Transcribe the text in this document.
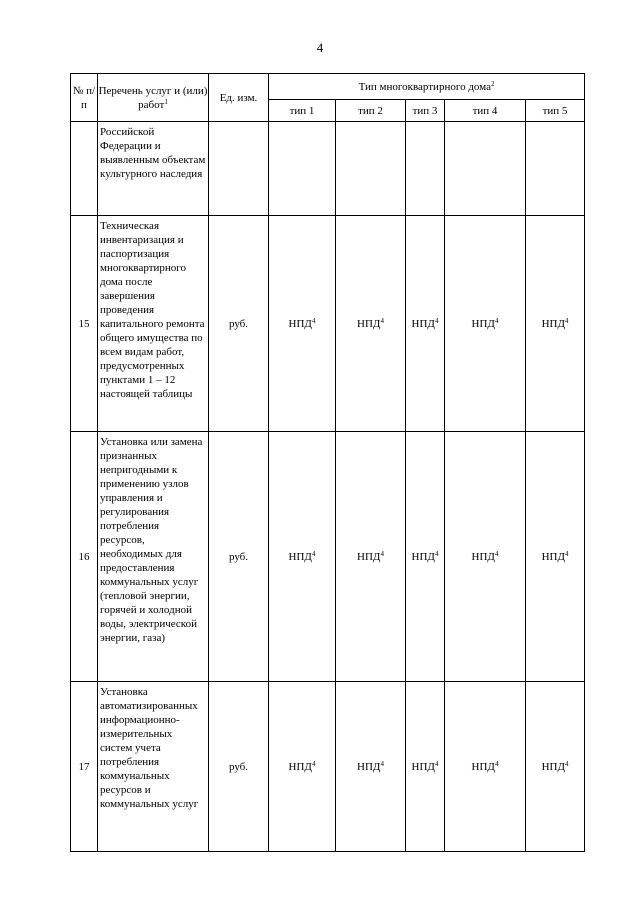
4
№ п/п	Перечень услуг и (или) работ$^1$	Ед. изм.	Тип многоквартирного дома$^2$
			тип 1	тип 2	тип 3	тип 4	тип 5
	Российской Федерации и выявленным объектам культурного наследия						
15	Техническая инвентаризация и паспортизация многоквартирного дома после завершения проведения капитального ремонта общего имущества по всем видам работ, предусмотренных пунктами 1 – 12 настоящей таблицы	руб.	НПД$^4$	НПД$^4$	НПД$^4$	НПД$^4$	НПД$^4$
16	Установка или замена признанных непригодными к применению узлов управления и регулирования потребления ресурсов, необходимых для предоставления коммунальных услуг (тепловой энергии, горячей и холодной воды, электрической энергии, газа)	руб.	НПД$^4$	НПД$^4$	НПД$^4$	НПД$^4$	НПД$^4$
17	Установка автоматизированных информационно-измерительных систем учета потребления коммунальных ресурсов и коммунальных услуг	руб.	НПД$^4$	НПД$^4$	НПД$^4$	НПД$^4$	НПД$^4$
